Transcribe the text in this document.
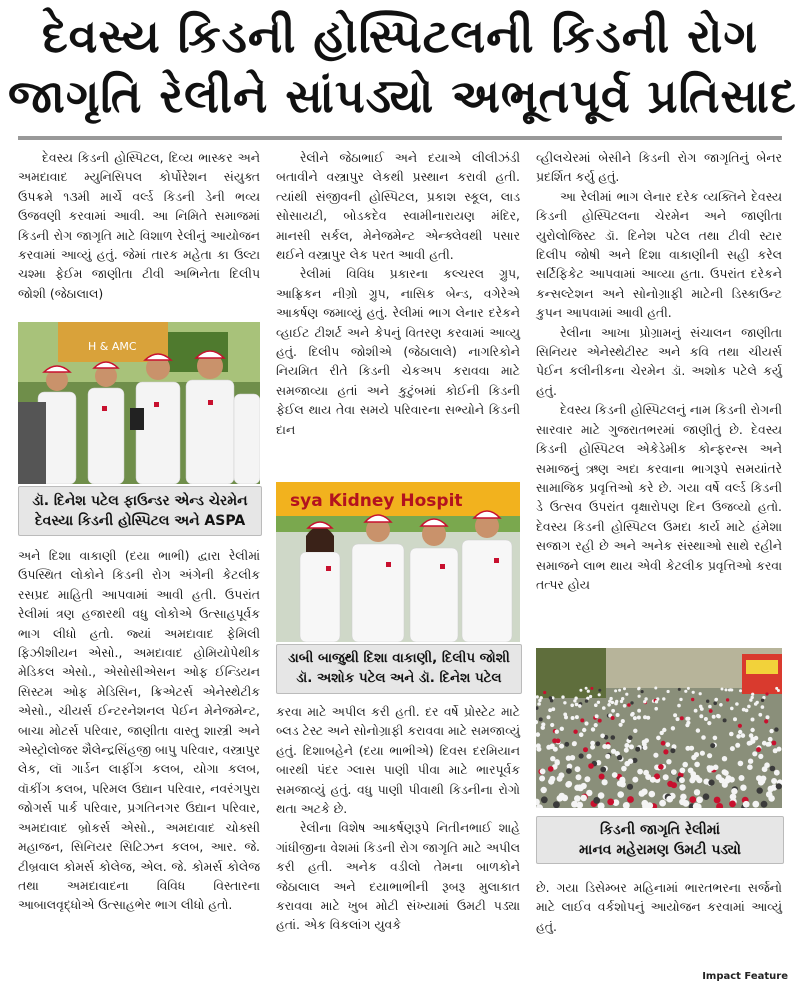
દેવસ્ય કિડની હોસ્પિટલની કિડની રોગ
જાગૃતિ રેલીને સાંપડ્યો અભૂતપૂર્વ પ્રતિસાદ

દેવસ્ય કિડની હોસ્પિટલ, દિવ્ય ભાસ્કર અને અમદાવાદ મ્યુનિસિપલ કોર્પોરેશન સંયુક્ત ઉપક્રમે ૧૩મી માર્ચે વર્લ્ડ કિડની ડેની ભવ્ય ઉજવણી કરવામાં આવી. આ નિમિતે સમાજમાં કિડની રોગ જાગૃતિ માટે વિશાળ રેલીનું આયોજન કરવામાં આવ્યું હતું. જેમાં તારક મહેતા કા ઉલ્ટા ચશ્મા ફેઈમ જાણીતા ટીવી અભિનેતા દિલીપ જોશી (જેઠાલાલ)

H & AMC
ડૉ. દિનેશ પટેલ ફાઉન્ડર એન્ડ ચેરમેન
દેવસ્યા કિડની હોસ્પિટલ અને ASPA

અને દિશા વાકાણી (દયા ભાભી) દ્વારા રેલીમાં ઉપસ્થિત લોકોને કિડની રોગ અંગેની કેટલીક રસપ્રદ માહિતી આપવામાં આવી હતી. ઉપરાંત રેલીમાં ત્રણ હજારથી વધુ લોકોએ ઉત્સાહપૂર્વક ભાગ લીધો હતો. જ્યાં અમદાવાદ ફેમિલી ફિઝીશીયન એસો., અમદાવાદ હોમિયોપેથીક મેડિકલ એસો., એસોસીએસન ઓફ ઈન્ડિયન સિસ્ટમ ઓફ મેડિસિન, ક્રિએટર્સ એનેસ્થેટીક એસો., ચીયર્સ ઈન્ટરનેશનલ પેઈન મેનેજમેન્ટ, બાચા મોટર્સ પરિવાર, જાણીતા વાસ્તુ શાસ્ત્રી અને એસ્ટ્રોલોજર શૈલેન્દ્રસિંહજી બાપુ પરિવાર, વસ્ત્રાપુર લેક, લૉ ગાર્ડન લાફીંગ કલબ, યોગા કલબ, વૉકીંગ કલબ, પરિમલ ઉદ્યાન પરિવાર, નવરંગપુરા જોગર્સ પાર્ક પરિવાર, પ્રગતિનગર ઉદ્યાન પરિવાર, અમદાવાદ બ્રોકર્સ એસો., અમદાવાદ ચોક્સી મહાજન, સિનિયર સિટિઝન કલબ, આર. જે. ટીબ્રવાલ કોમર્સ કોલેજ, એલ. જે. કોમર્સ કોલેજ તથા અમદાવાદના વિવિધ વિસ્તારના આબાલવૃદ્ધોએ ઉત્સાહભેર ભાગ લીધો હતો.

રેલીને જેઠાભાઈ અને દયાએ લીલીઝંડી બતાવીને વસ્ત્રાપુર લેકથી પ્રસ્થાન કરાવી હતી. ત્યાંથી સંજીવની હોસ્પિટલ, પ્રકાશ સ્કૂલ, લાડ સોસાયટી, બોડકદેવ સ્વામીનારાયણ મંદિર, માનસી સર્કલ, મેનેજમેન્ટ એન્ક્લેવથી પસાર થઈને વસ્ત્રાપુર લેક પરત આવી હતી.

રેલીમાં વિવિધ પ્રકારના કલ્ચરલ ગ્રુપ, આફ્રિકન નીગ્રો ગ્રુપ, નાસિક બેન્ડ, વગેરેએ આકર્ષણ જમાવ્યું હતું. રેલીમાં ભાગ લેનાર દરેકને વ્હાઈટ ટીશર્ટ અને કેપનું વિતરણ કરવામાં આવ્યુ હતું. દિલીપ જોશીએ (જેઠાલાલે) નાગરિકોને નિયમિત રીતે કિડની ચેકઅપ કરાવવા માટે સમજાવ્યા હતાં અને કુટુંબમાં કોઈની કિડની ફેઈલ થાય તેવા સમયે પરિવારના સભ્યોને કિડની દાન

sya Kidney Hospit
ડાબી બાજુથી દિશા વાકાણી, દિલીપ જોશી
ડૉ. અશોક પટેલ અને ડૉ. દિનેશ પટેલ

કરવા માટે અપીલ કરી હતી. દર વર્ષે પ્રોસ્ટેટ માટે બ્લડ ટેસ્ટ અને સોનોગ્રાફી કરાવવા માટે સમજાવ્યું હતું. દિશાબહેને (દયા ભાભીએ) દિવસ દરમિયાન બારથી પંદર ગ્લાસ પાણી પીવા માટે ભારપૂર્વક સમજાવ્યું હતું. વધુ પાણી પીવાથી કિડનીના રોગો થતા અટકે છે.

રેલીના વિશેષ આકર્ષણરૂપે નિતીનભાઈ શાહે ગાંધીજીના વેશમાં કિડની રોગ જાગૃતિ માટે અપીલ કરી હતી. અનેક વડીલો તેમના બાળકોને જેઠાલાલ અને દયાભાભીની રૂબરૂ મુલાકાત કરાવવા માટે ખુબ મોટી સંખ્યામાં ઉમટી પડ્યા હતાં. એક વિકલાંગ યુવકે

વ્હીલચેરમાં બેસીને કિડની રોગ જાગૃતિનું બેનર પ્રદર્શિત કર્યુ હતું.

આ રેલીમાં ભાગ લેનાર દરેક વ્યક્તિને દેવસ્ય કિડની હોસ્પિટલના ચેરમેન અને જાણીતા યુરોલોજિસ્ટ ડૉ. દિનેશ પટેલ તથા ટીવી સ્ટાર દિલીપ જોષી અને દિશા વાકાણીની સહી કરેલ સર્ટિફિકેટ આપવામાં આવ્યા હતા. ઉપરાંત દરેકને કન્સલ્ટેશન અને સોનોગ્રાફી માટેની ડિસ્કાઉન્ટ કુપન આપવામાં આવી હતી.

રેલીના આખા પ્રોગ્રામનું સંચાલન જાણીતા સિનિયર એનેસ્થેટીસ્ટ અને કવિ તથા ચીયર્સ પેઈન કલીનીકના ચેરમેન ડૉ. અશોક પટેલે કર્યુ હતું.

દેવસ્ય કિડની હોસ્પિટલનું નામ કિડની રોગની સારવાર માટે ગુજરાતભરમાં જાણીતું છે. દેવસ્ય કિડની હોસ્પિટલ એકેડેમીક કોન્ફરન્સ અને સમાજનું ઋણ અદા કરવાના ભાગરૂપે સમયાંતરે સામાજિક પ્રવૃત્તિઓ કરે છે. ગયા વર્ષે વર્લ્ડ કિડની ડે ઉત્સવ ઉપરાંત વૃક્ષારોપણ દિન ઉજવ્યો હતો. દેવસ્ય કિડની હોસ્પિટલ ઉમદા કાર્ય માટે હંમેશા સજાગ રહી છે અને અનેક સંસ્થાઓ સાથે રહીને સમાજને લાભ થાય એવી કેટલીક પ્રવૃત્તિઓ કરવા તત્પર હોય

કિડની જાગૃતિ રેલીમાં
માનવ મહેરામણ ઉમટી પડ્યો

છે. ગયા ડિસેમ્બર મહિનામાં ભારતભરના સર્જનો માટે લાઈવ વર્કશોપનું આયોજન કરવામાં આવ્યું હતું.

Impact Feature
